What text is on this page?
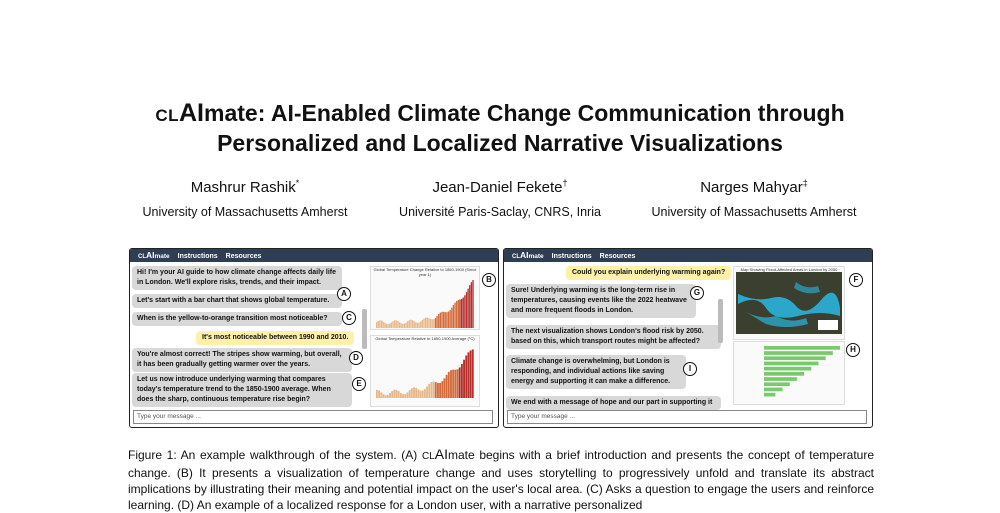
CLAImate: AI-Enabled Climate Change Communication through
Personalized and Localized Narrative Visualizations
Mashrur Rashik*
University of Massachusetts Amherst
Jean-Daniel Fekete†
Université Paris-Saclay, CNRS, Inria
Narges Mahyar‡
University of Massachusetts Amherst
CLAImate Instructions Resources
Hi! I'm your AI guide to how climate change affects daily life in London. We'll explore risks, trends, and their impact.
Let's start with a bar chart that shows global temperature.
When is the yellow-to-orange transition most noticeable?
It's most noticeable between 1990 and 2010.
You're almost correct! The stripes show warming, but overall, it has been gradually getting warmer over the years.
Let us now introduce underlying warming that compares today's temperature trend to the 1850-1900 average. When does the sharp, continuous temperature rise begin?
A
C
D
E
B
Global Temperature Change Relative to 1850-1900 (Since year 1)
Global Temperature Relative to 1850-1900 Average (°C)
Type your message ...
CLAImate Instructions Resources
Could you explain underlying warming again?
Sure! Underlying warming is the long-term rise in temperatures, causing events like the 2022 heatwave and more frequent floods in London.
The next visualization shows London's flood risk by 2050. based on this, which transport routes might be affected?
Climate change is overwhelming, but London is responding, and individual actions like saving energy and supporting it can make a difference.
We end with a message of hope and our part in supporting it
G
I
F
H
Map Showing Flood-Affected Areas in London by 2050
Type your message ...
Figure 1: An example walkthrough of the system. (A) CLAImate begins with a brief introduction and presents the concept of temperature change. (B) It presents a visualization of temperature change and uses storytelling to progressively unfold and translate its abstract implications by illustrating their meaning and potential impact on the user's local area. (C) Asks a question to engage the users and reinforce learning. (D) An example of a localized response for a London user, with a narrative personalized
